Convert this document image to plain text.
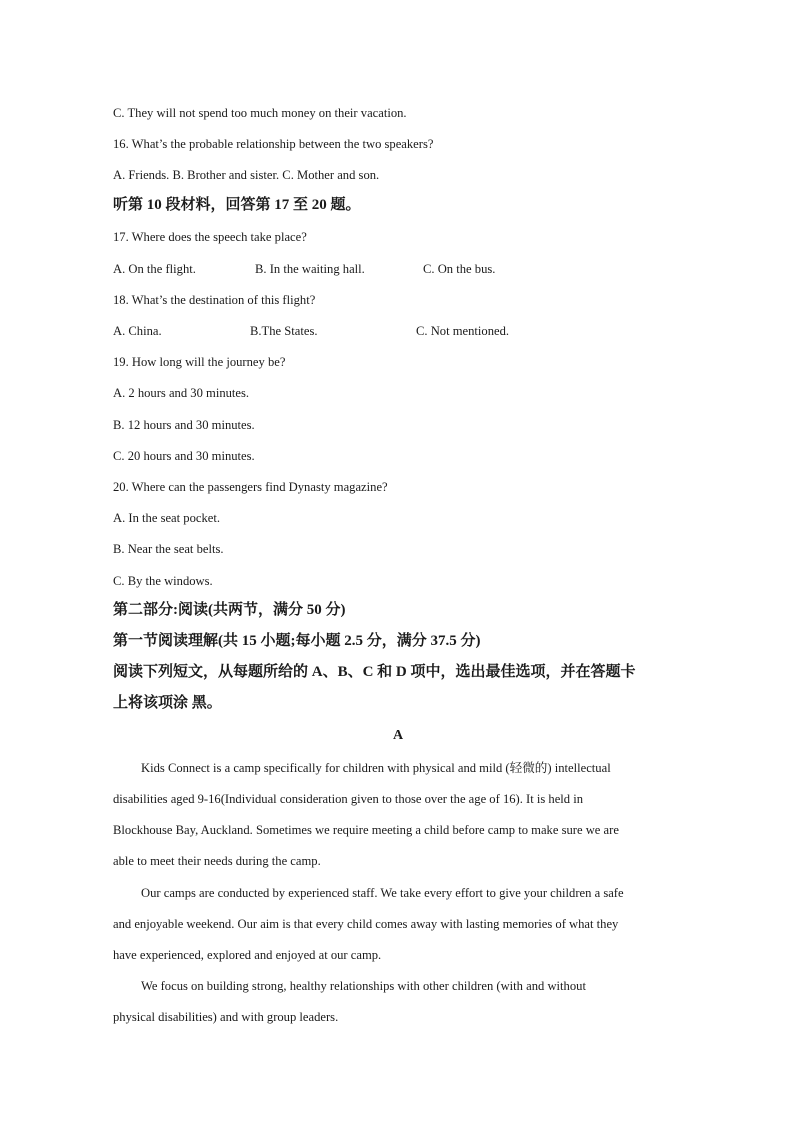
C. They will not spend too much money on their vacation.
16. What’s the probable relationship between the two speakers?
A. Friends. B. Brother and sister. C. Mother and son.
听第 10 段材料，回答第 17 至 20 题。
17. Where does the speech take place?
A. On the flight.	B. In the waiting hall.	C. On the bus.
18. What’s the destination of this flight?
A. China.	B.The States.	C. Not mentioned.
19. How long will the journey be?
A. 2 hours and 30 minutes.
B. 12 hours and 30 minutes.
C. 20 hours and 30 minutes.
20. Where can the passengers find Dynasty magazine?
A. In the seat pocket.
B. Near the seat belts.
C. By the windows.
第二部分:阅读(共两节，满分 50 分)
第一节阅读理解(共 15 小题;每小题 2.5 分，满分 37.5 分)
阅读下列短文，从每题所给的 A、B、C 和 D 项中，选出最佳选项，并在答题卡
上将该项涂 黑。
A
Kids Connect is a camp specifically for children with physical and mild (轻微的) intellectual
disabilities aged 9-16(Individual consideration given to those over the age of 16). It is held in
Blockhouse Bay, Auckland. Sometimes we require meeting a child before camp to make sure we are
able to meet their needs during the camp.
Our camps are conducted by experienced staff. We take every effort to give your children a safe
and enjoyable weekend. Our aim is that every child comes away with lasting memories of what they
have experienced, explored and enjoyed at our camp.
We focus on building strong, healthy relationships with other children (with and without
physical disabilities) and with group leaders.
